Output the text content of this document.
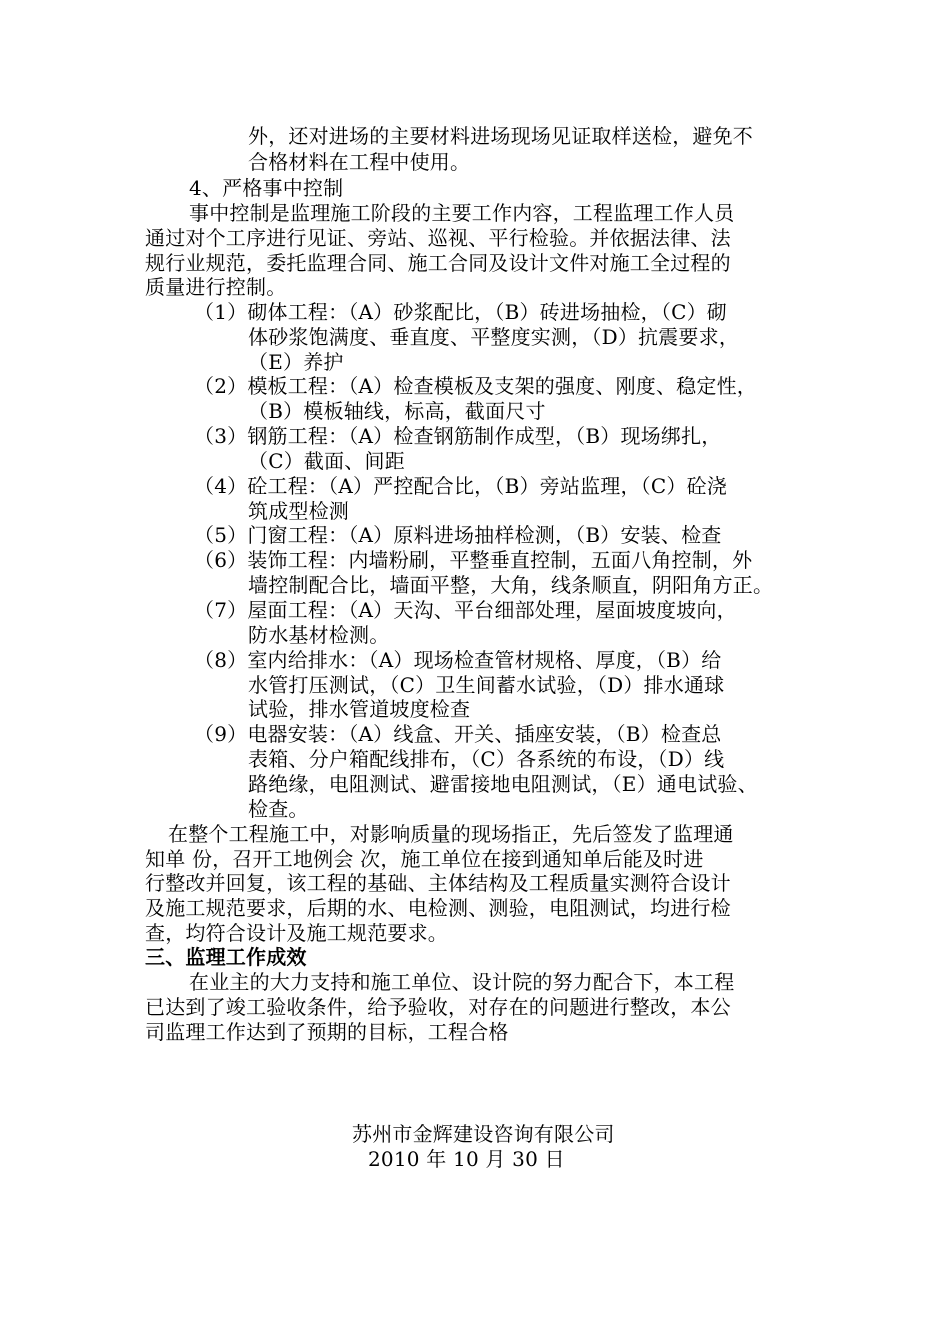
外，还对进场的主要材料进场现场见证取样送检，避免不
合格材料在工程中使用。
4、严格事中控制
事中控制是监理施工阶段的主要工作内容，工程监理工作人员
通过对个工序进行见证、旁站、巡视、平行检验。并依据法律、法
规行业规范，委托监理合同、施工合同及设计文件对施工全过程的
质量进行控制。
（1）砌体工程：（A）砂浆配比，（B）砖进场抽检，（C）砌
体砂浆饱满度、垂直度、平整度实测，（D）抗震要求，
（E）养护
（2）模板工程：（A）检查模板及支架的强度、刚度、稳定性，
（B）模板轴线，标高，截面尺寸
（3）钢筋工程：（A）检查钢筋制作成型，（B）现场绑扎，
（C）截面、间距
（4）砼工程：（A）严控配合比，（B）旁站监理，（C）砼浇
筑成型检测
（5）门窗工程：（A）原料进场抽样检测，（B）安装、检查
（6）装饰工程：内墙粉刷，平整垂直控制，五面八角控制，外
墙控制配合比，墙面平整，大角，线条顺直，阴阳角方正。
（7）屋面工程：（A）天沟、平台细部处理，屋面坡度坡向，
防水基材检测。
（8）室内给排水：（A）现场检查管材规格、厚度，（B）给
水管打压测试，（C）卫生间蓄水试验，（D）排水通球
试验，排水管道坡度检查
（9）电器安装：（A）线盒、开关、插座安装，（B）检查总
表箱、分户箱配线排布，（C）各系统的布设，（D）线
路绝缘，电阻测试、避雷接地电阻测试，（E）通电试验、
检查。
在整个工程施工中，对影响质量的现场指正，先后签发了监理通
知单 份，召开工地例会 次，施工单位在接到通知单后能及时进
行整改并回复，该工程的基础、主体结构及工程质量实测符合设计
及施工规范要求，后期的水、电检测、测验，电阻测试，均进行检
查，均符合设计及施工规范要求。
三、监理工作成效
在业主的大力支持和施工单位、设计院的努力配合下，本工程
已达到了竣工验收条件，给予验收，对存在的问题进行整改，本公
司监理工作达到了预期的目标，工程合格
苏州市金辉建设咨询有限公司
2010 年 10 月 30 日
